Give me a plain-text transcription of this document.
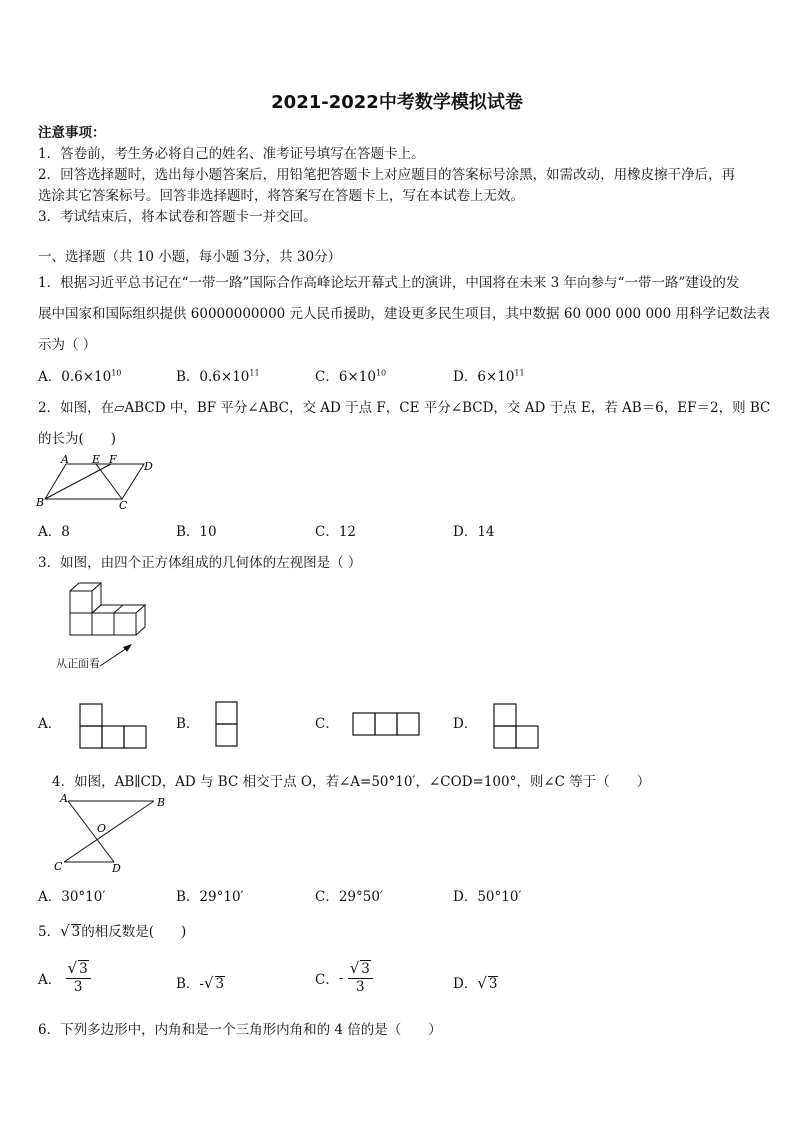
2021-2022中考数学模拟试卷
注意事项：
1．答卷前，考生务必将自己的姓名、准考证号填写在答题卡上。
2．回答选择题时，选出每小题答案后，用铅笔把答题卡上对应题目的答案标号涂黑，如需改动，用橡皮擦干净后，再
选涂其它答案标号。回答非选择题时，将答案写在答题卡上，写在本试卷上无效。
3．考试结束后，将本试卷和答题卡一并交回。
一、选择题（共 10 小题，每小题 3分，共 30分）
1．根据习近平总书记在“一带一路”国际合作高峰论坛开幕式上的演讲，中国将在未来 3 年向参与“一带一路”建设的发
展中国家和国际组织提供 60000000000 元人民币援助，建设更多民生项目，其中数据 60 000 000 000 用科学记数法表
示为（ ）
A．$0.6\times 10^{10}$	B．$0.6\times 10^{11}$	C．$6\times 10^{10}$	D．$6\times 10^{11}$
2．如图，在▱ABCD 中，BF 平分∠ABC，交 AD 于点 F，CE 平分∠BCD，交 AD 于点 E，若 AB＝6，EF＝2，则 BC
的长为(　　)
A E F
D
B	C
A．8	B．10	C．12	D．14
3．如图，由四个正方体组成的几何体的左视图是（ ）
从正面看
A．	B．	C．	D．
4．如图，AB∥CD，AD 与 BC 相交于点 O，若∠A=50°10′，∠COD=100°，则∠C 等于（　　）
A	B
O
C	D
A．30°10′	B．29°10′	C．29°50′	D．50°10′
5．√ 3的相反数是(　　)
A． $\frac{√ 3}{3}$	B．-√ 3	C．- $\frac{√ 3}{3}$	D．√ 3
6．下列多边形中，内角和是一个三角形内角和的 4 倍的是（　　）
